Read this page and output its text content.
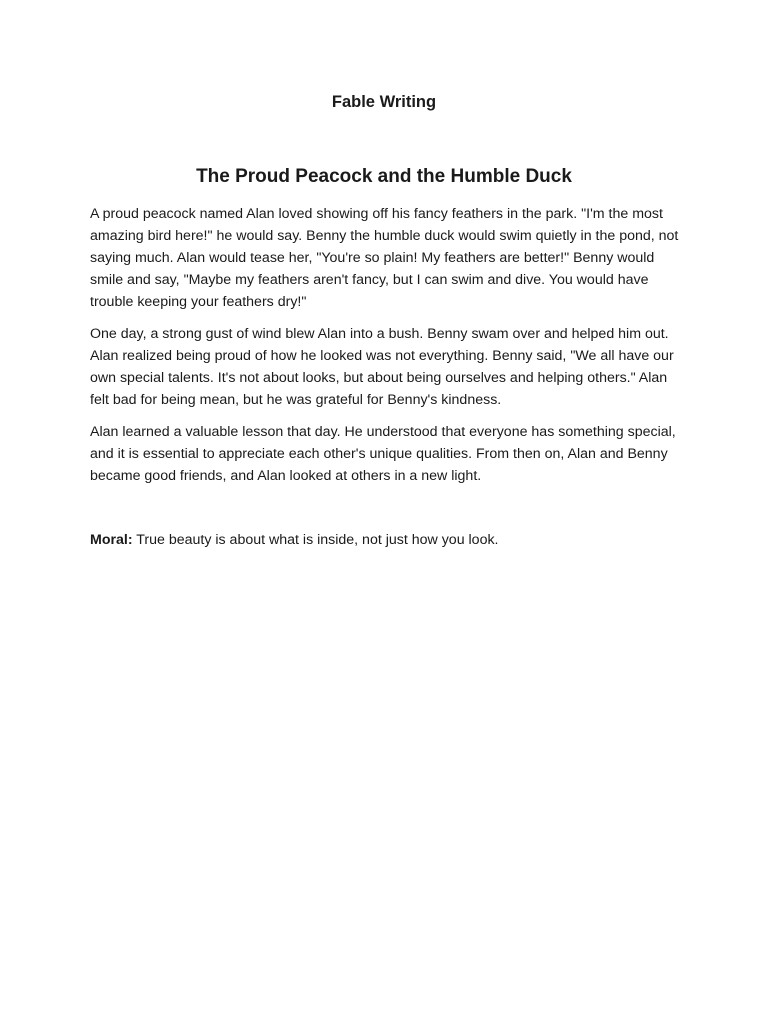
Fable Writing
The Proud Peacock and the Humble Duck

A proud peacock named Alan loved showing off his fancy feathers in the park. "I'm the most amazing bird here!" he would say. Benny the humble duck would swim quietly in the pond, not saying much. Alan would tease her, "You're so plain! My feathers are better!" Benny would smile and say, "Maybe my feathers aren't fancy, but I can swim and dive. You would have trouble keeping your feathers dry!"

One day, a strong gust of wind blew Alan into a bush. Benny swam over and helped him out. Alan realized being proud of how he looked was not everything. Benny said, "We all have our own special talents. It's not about looks, but about being ourselves and helping others." Alan felt bad for being mean, but he was grateful for Benny's kindness.

Alan learned a valuable lesson that day. He understood that everyone has something special, and it is essential to appreciate each other's unique qualities. From then on, Alan and Benny became good friends, and Alan looked at others in a new light.

Moral: True beauty is about what is inside, not just how you look.
